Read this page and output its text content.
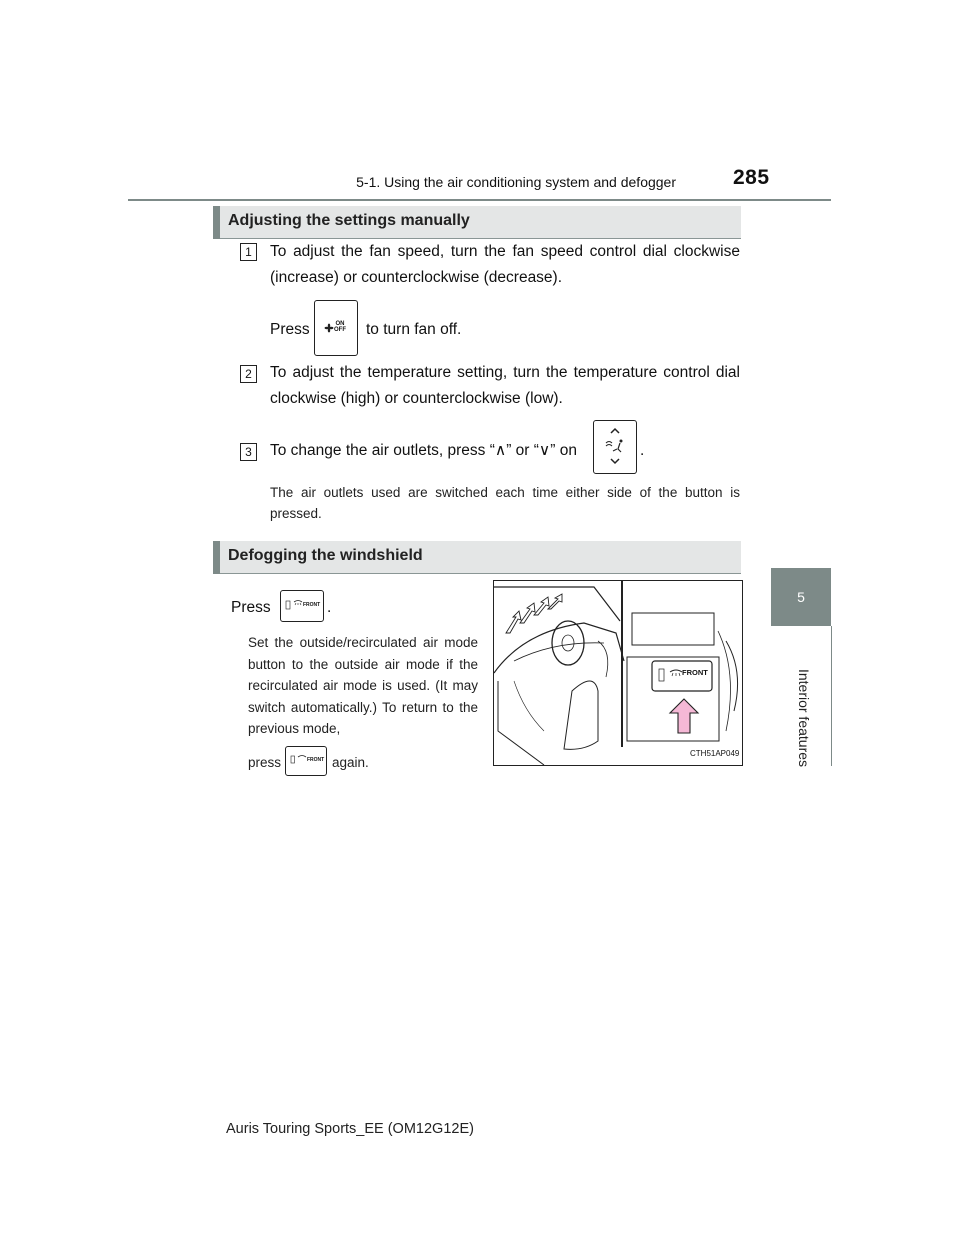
5-1. Using the air conditioning system and defogger	285
5
Interior features
Adjusting the settings manually
1	To adjust the fan speed, turn the fan speed control dial clockwise (increase) or counterclockwise (decrease).
Press	ON OFF to turn fan off.
2	To adjust the temperature setting, turn the temperature control dial clockwise (high) or counterclockwise (low).
3	To change the air outlets, press “∧” or “∨” on	.
The air outlets used are switched each time either side of the button is pressed.
Defogging the windshield
Press	FRONT .
Set the outside/recirculated air mode button to the outside air mode if the recirculated air mode is used. (It may switch automatically.) To return to the previous mode,
press	FRONT again.
FRONT
CTH51AP049
Auris Touring Sports_EE (OM12G12E)
